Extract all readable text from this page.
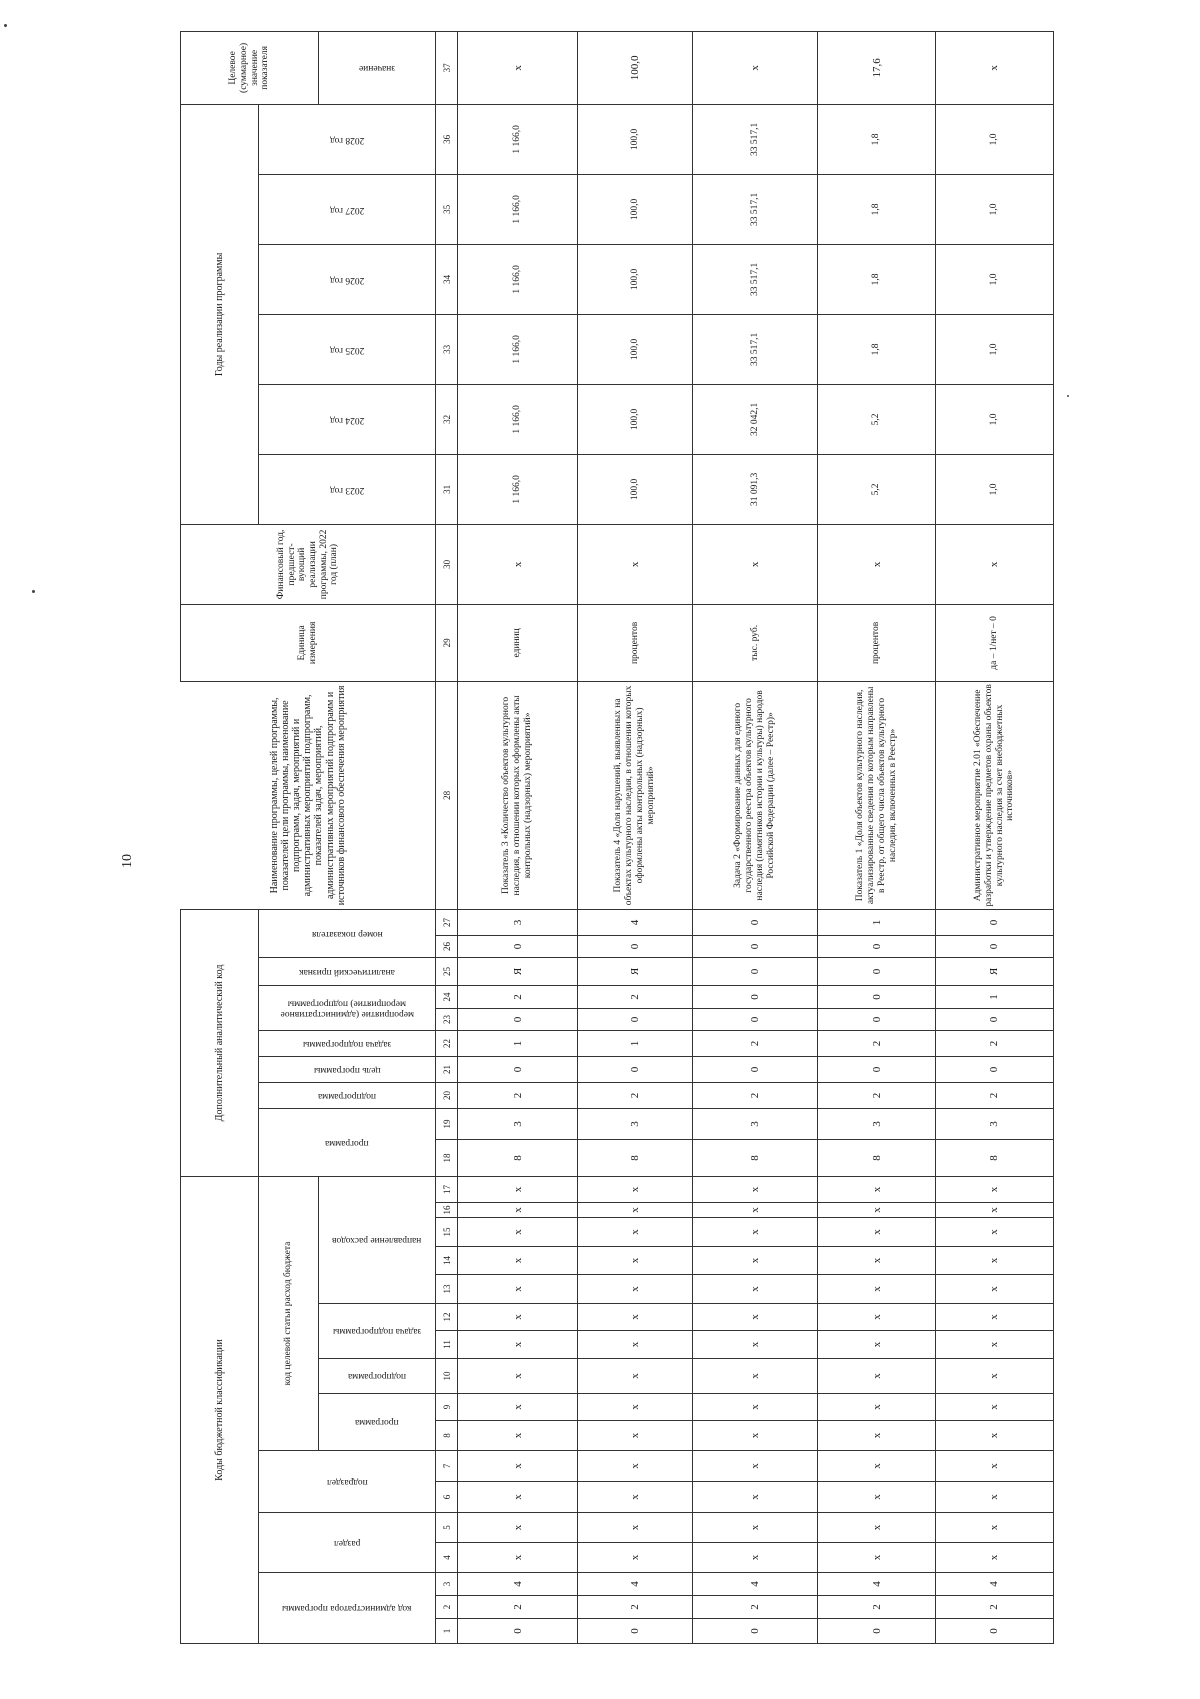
10
Коды бюджетной классификации																	Дополнительный аналитический код										Наименование программы, целей программы, показателей цели программы, наименование подпрограмм, задач, мероприятий и административных мероприятий подпрограмм, показателей задач, мероприятий, административных мероприятий подпрограмм и источников финансового обеспечения мероприятия	Единица измерения	Финансовый год, предшест-вующий реализации программы, 2022 год (план)	Годы реализации программы						Целевое (суммарное) значение показателя

код администратора программы			раздел		подраздел		код целевой статьи расход бюджета										программа		подпрограмма	цель программы	задача подпрограммы	мероприятие (административное мероприятие) подпрограммы		аналитический признак	номер показателя					2023 год	2024 год	2025 год	2026 год	2027 год	2028 год	

							программа		подпрограмма	задача подпрограммы		направление расходов																								значение

1	2	3	4	5	6	7	8	9	10	11	12	13	14	15	16	17	18	19	20	21	22	23	24	25	26	27	28	29	30	31	32	33	34	35	36	37
0	2	4	x	x	x	x	x	x	x	x	x	x	x	x	x	x	8	3	2	0	1	0	2	Я	0	3	Показатель 3 «Количество объектов культурного наследия, в отношении которых оформлены акты контрольных (надзорных) мероприятий»	единиц	x	1 166,0	1 166,0	1 166,0	1 166,0	1 166,0	1 166,0	x
0	2	4	x	x	x	x	x	x	x	x	x	x	x	x	x	x	8	3	2	0	1	0	2	Я	0	4	Показатель 4 «Доля нарушений, выявленных на объектах культурного наследия, в отношении которых оформлены акты контрольных (надзорных) мероприятий»	процентов	x	100,0	100,0	100,0	100,0	100,0	100,0	100,0
0	2	4	x	x	x	x	x	x	x	x	x	x	x	x	x	x	8	3	2	0	2	0	0	0	0	0	Задача 2 «Формирование данных для единого государственного реестра объектов культурного наследия (памятников истории и культуры) народов Российской Федерации (далее – Реестр)»	тыс. руб.	x	31 091,3	32 042,1	33 517,1	33 517,1	33 517,1	33 517,1	x
0	2	4	x	x	x	x	x	x	x	x	x	x	x	x	x	x	8	3	2	0	2	0	0	0	0	1	Показатель 1 «Доля объектов культурного наследия, актуализированные сведения по которым направлены в Реестр, от общего числа объектов культурного наследия, включенных в Реестр»	процентов	x	5,2	5,2	1,8	1,8	1,8	1,8	17,6
0	2	4	x	x	x	x	x	x	x	x	x	x	x	x	x	x	8	3	2	0	2	0	1	Я	0	0	Административное мероприятие 2.01 «Обеспечение разработки и утверждение предметов охраны объектов культурного наследия за счет внебюджетных источников»	да – 1/нет – 0	x	1,0	1,0	1,0	1,0	1,0	1,0	x
